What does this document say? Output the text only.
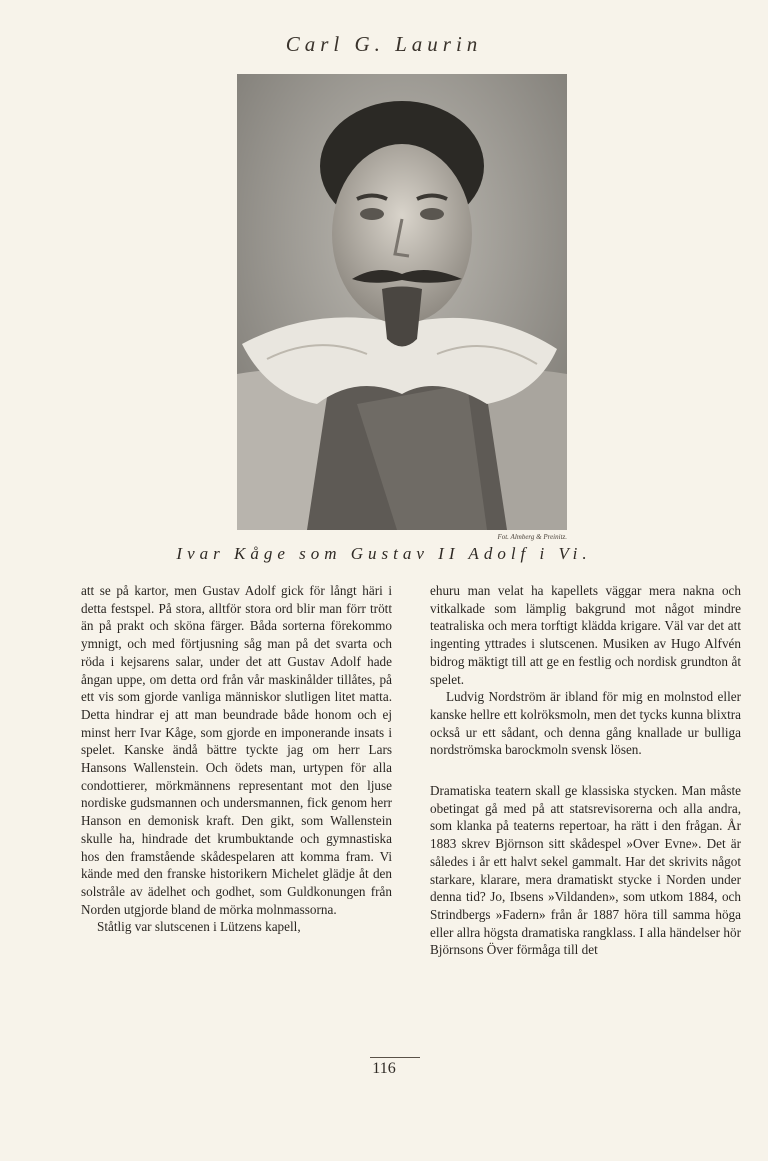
Carl G. Laurin
Fot. Almberg & Preinitz.
Ivar Kåge som Gustav II Adolf i Vi.

att se på kartor, men Gustav Adolf gick för långt häri i detta festspel. På stora, alltför stora ord blir man förr trött än på prakt och sköna färger. Båda sorterna förekommo ymnigt, och med förtjusning såg man på det svarta och röda i kejsarens salar, under det att Gustav Adolf hade ångan uppe, om detta ord från vår maskinålder tillåtes, på ett vis som gjorde vanliga människor slutligen litet matta. Detta hindrar ej att man beundrade både honom och ej minst herr Ivar Kåge, som gjorde en imponerande insats i spelet. Kanske ändå bättre tyckte jag om herr Lars Hansons Wallenstein. Och ödets man, urtypen för alla condottierer, mörkmännens representant mot den ljuse nordiske gudsmannen och undersmannen, fick genom herr Hanson en demonisk kraft. Den gikt, som Wallenstein skulle ha, hindrade det krumbuktande och gymnastiska hos den framstående skådespelaren att komma fram. Vi kände med den franske historikern Michelet glädje åt den solstråle av ädelhet och godhet, som Guldkonungen från Norden utgjorde bland de mörka molnmassorna.

Ståtlig var slutscenen i Lützens kapell,

ehuru man velat ha kapellets väggar mera nakna och vitkalkade som lämplig bakgrund mot något mindre teatraliska och mera torftigt klädda krigare. Väl var det att ingenting yttrades i slutscenen. Musiken av Hugo Alfvén bidrog mäktigt till att ge en festlig och nordisk grundton åt spelet.

Ludvig Nordström är ibland för mig en molnstod eller kanske hellre ett kolröksmoln, men det tycks kunna blixtra också ur ett sådant, och denna gång knallade ur bulliga nordströmska barockmoln svensk lösen.

Dramatiska teatern skall ge klassiska stycken. Man måste obetingat gå med på att statsrevisorerna och alla andra, som klanka på teaterns repertoar, ha rätt i den frågan. År 1883 skrev Björnson sitt skådespel »Over Evne». Det är således i år ett halvt sekel gammalt. Har det skrivits något starkare, klarare, mera dramatiskt stycke i Norden under denna tid? Jo, Ibsens »Vildanden», som utkom 1884, och Strindbergs »Fadern» från år 1887 höra till samma höga eller allra högsta dramatiska rangklass. I alla händelser hör Björnsons Över förmåga till det

116
